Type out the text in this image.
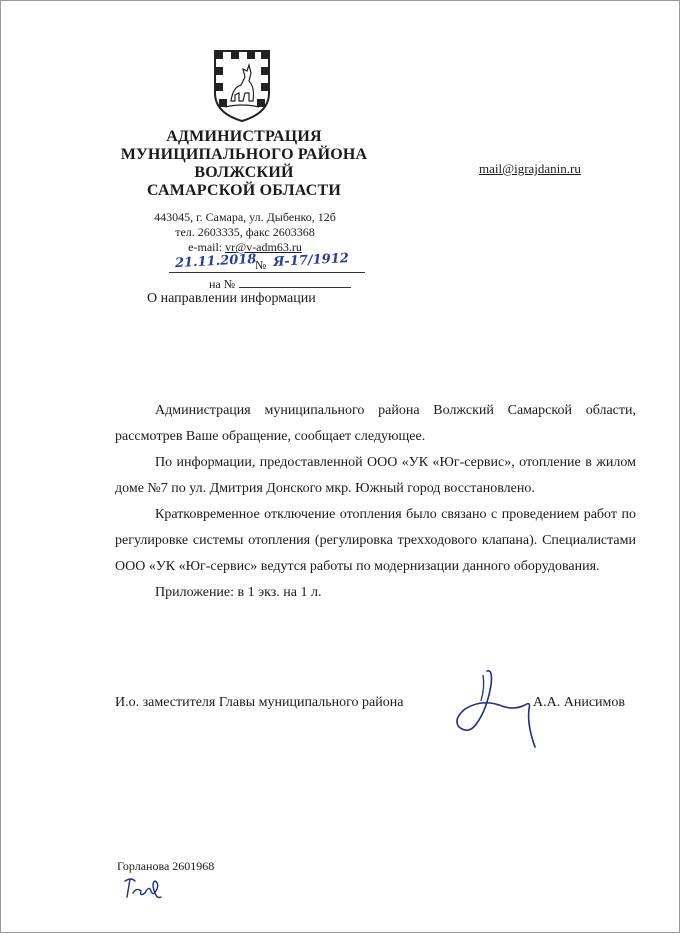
АДМИНИСТРАЦИЯ
МУНИЦИПАЛЬНОГО РАЙОНА
ВОЛЖСКИЙ
САМАРСКОЙ ОБЛАСТИ
443045, г. Самара, ул. Дыбенко, 12б
тел. 2603335, факс 2603368
e-mail: vr@v-adm63.ru
mail@igrajdanin.ru
21.11.2018
№ Я-17/1912
на №
О направлении информации

Администрация муниципального района Волжский Самарской области, рассмотрев Ваше обращение, сообщает следующее.

По информации, предоставленной ООО «УК «Юг-сервис», отопление в жилом доме №7 по ул. Дмитрия Донского мкр. Южный город восстановлено.

Кратковременное отключение отопления было связано с проведением работ по регулировке системы отопления (регулировка трехходового клапана). Специалистами ООО «УК «Юг-сервис» ведутся работы по модернизации данного оборудования.

Приложение: в 1 экз. на 1 л.

И.о. заместителя Главы муниципального района	А.А. Анисимов
Горланова 2601968
